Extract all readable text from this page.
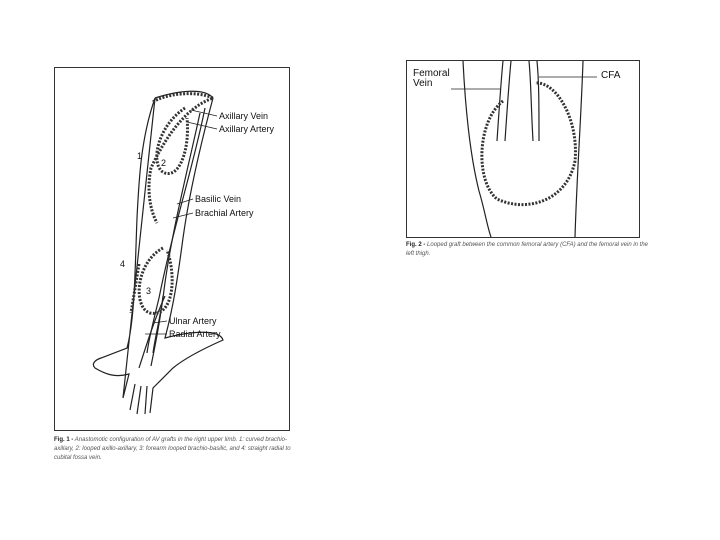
1
2
3
4
Axillary Vein
Axillary Artery
Basilic Vein
Brachial Artery
Ulnar Artery
Radial Artery
Fig. 1 - Anastomotic configuration of AV grafts in the right upper limb. 1: curved brachio-axillary, 2: looped axillo-axillary, 3: forearm looped brachio-basilic, and 4: straight radial to cubital fossa vein.
Femoral
Vein
CFA
Fig. 2 - Looped graft between the common femoral artery (CFA) and the femoral vein in the left thigh.
